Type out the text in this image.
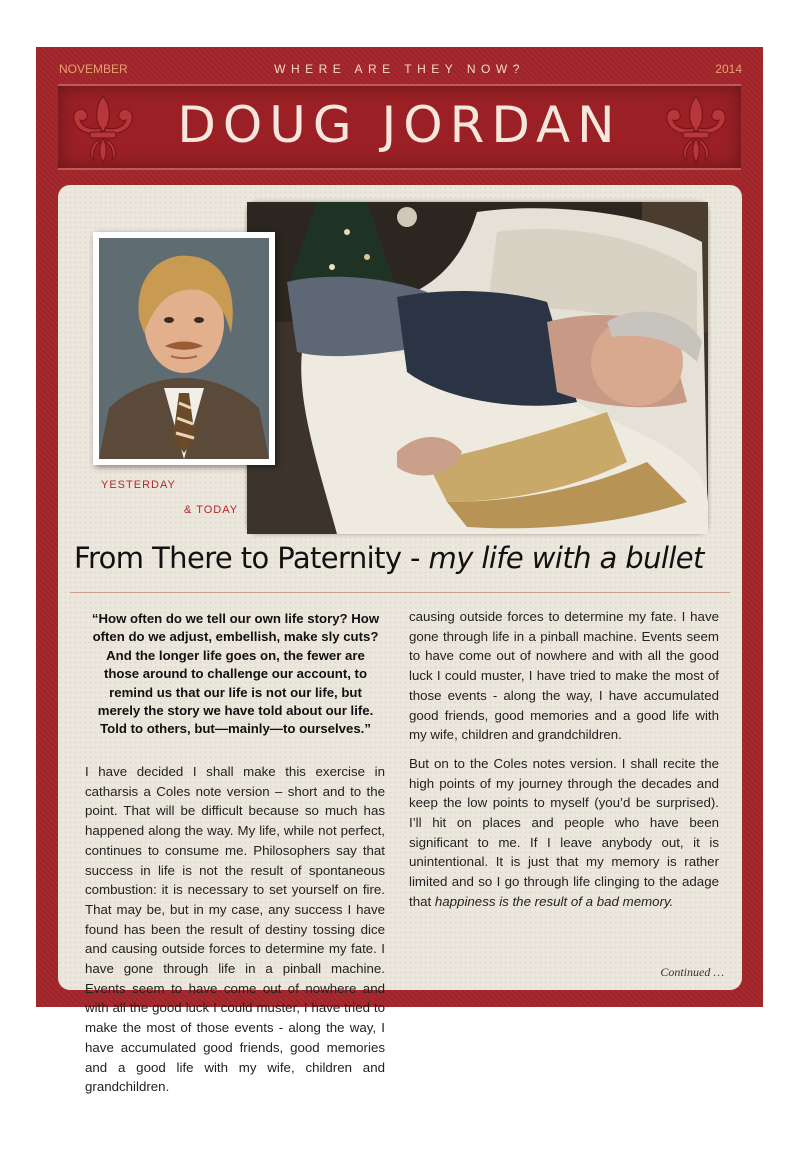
NOVEMBER	WHERE ARE THEY NOW?	2014
DOUG JORDAN
YESTERDAY
& TODAY
From There to Paternity - my life with a bullet
“How often do we tell our own life story? How often do we adjust, embellish, make sly cuts? And the longer life goes on, the fewer are those around to challenge our account, to remind us that our life is not our life, but merely the story we have told about our life. Told to others, but—mainly—to ourselves.”

I have decided I shall make this exercise in catharsis a Coles note version – short and to the point. That will be difficult because so much has happened along the way. My life, while not perfect, continues to consume me. Philosophers say that success in life is not the result of spontaneous combustion: it is necessary to set yourself on fire. That may be, but in my case, any success I have found has been the result of destiny tossing dice and causing outside forces to determine my fate. I have gone through life in a pinball machine. Events seem to have come out of nowhere and with all the good luck I could muster, I have tried to make the most of those events - along the way, I have accumulated good friends, good memories and a good life with my wife, children and grandchildren.

causing outside forces to determine my fate. I have gone through life in a pinball machine. Events seem to have come out of nowhere and with all the good luck I could muster, I have tried to make the most of those events - along the way, I have accumulated good friends, good memories and a good life with my wife, children and grandchildren.

But on to the Coles notes version. I shall recite the high points of my journey through the decades and keep the low points to myself (you’d be surprised). I’ll hit on places and people who have been significant to me. If I leave anybody out, it is unintentional. It is just that my memory is rather limited and so I go through life clinging to the adage that happiness is the result of a bad memory.

Continued …
